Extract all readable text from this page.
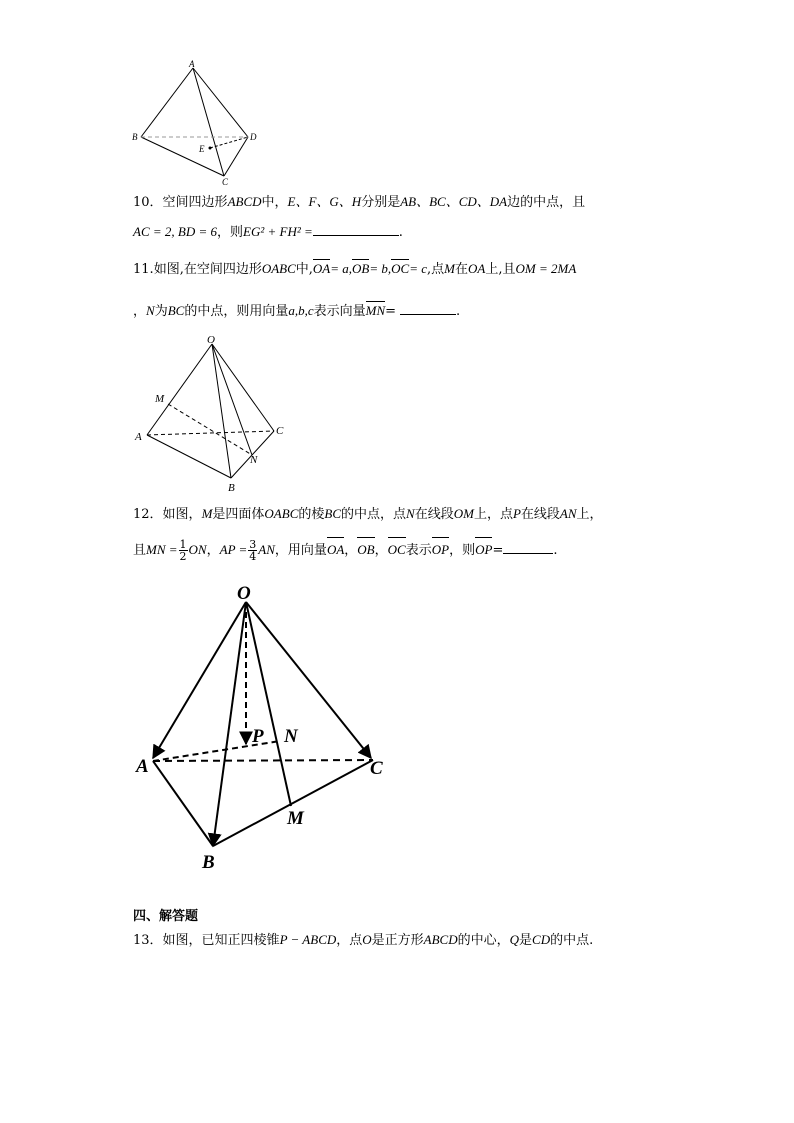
A
B
C
D
E
10．空间四边形ABCD中，E、F、G、H分别是AB、BC、CD、DA边的中点，且
AC = 2, BD = 6，则EG² + FH² =	.
11.如图,在空间四边形OABC中,OA= a,OB= b,OC= c,点M在OA上,且OM = 2MA
，N为BC的中点，则用向量a,b,c表示向量MN=	.
O
M
A	C
N
B
12．如图，M是四面体OABC的棱BC的中点，点N在线段OM上，点P在线段AN上，
且MN = $\frac{1}{2}$ ON，AP = $\frac{3}{4}$ AN，用向量OA，OB，OC表示OP，则OP=	.
O
P N
A	C
M
B
四、解答题
13．如图，已知正四棱锥P − ABCD，点O是正方形ABCD的中心，Q是CD的中点.
